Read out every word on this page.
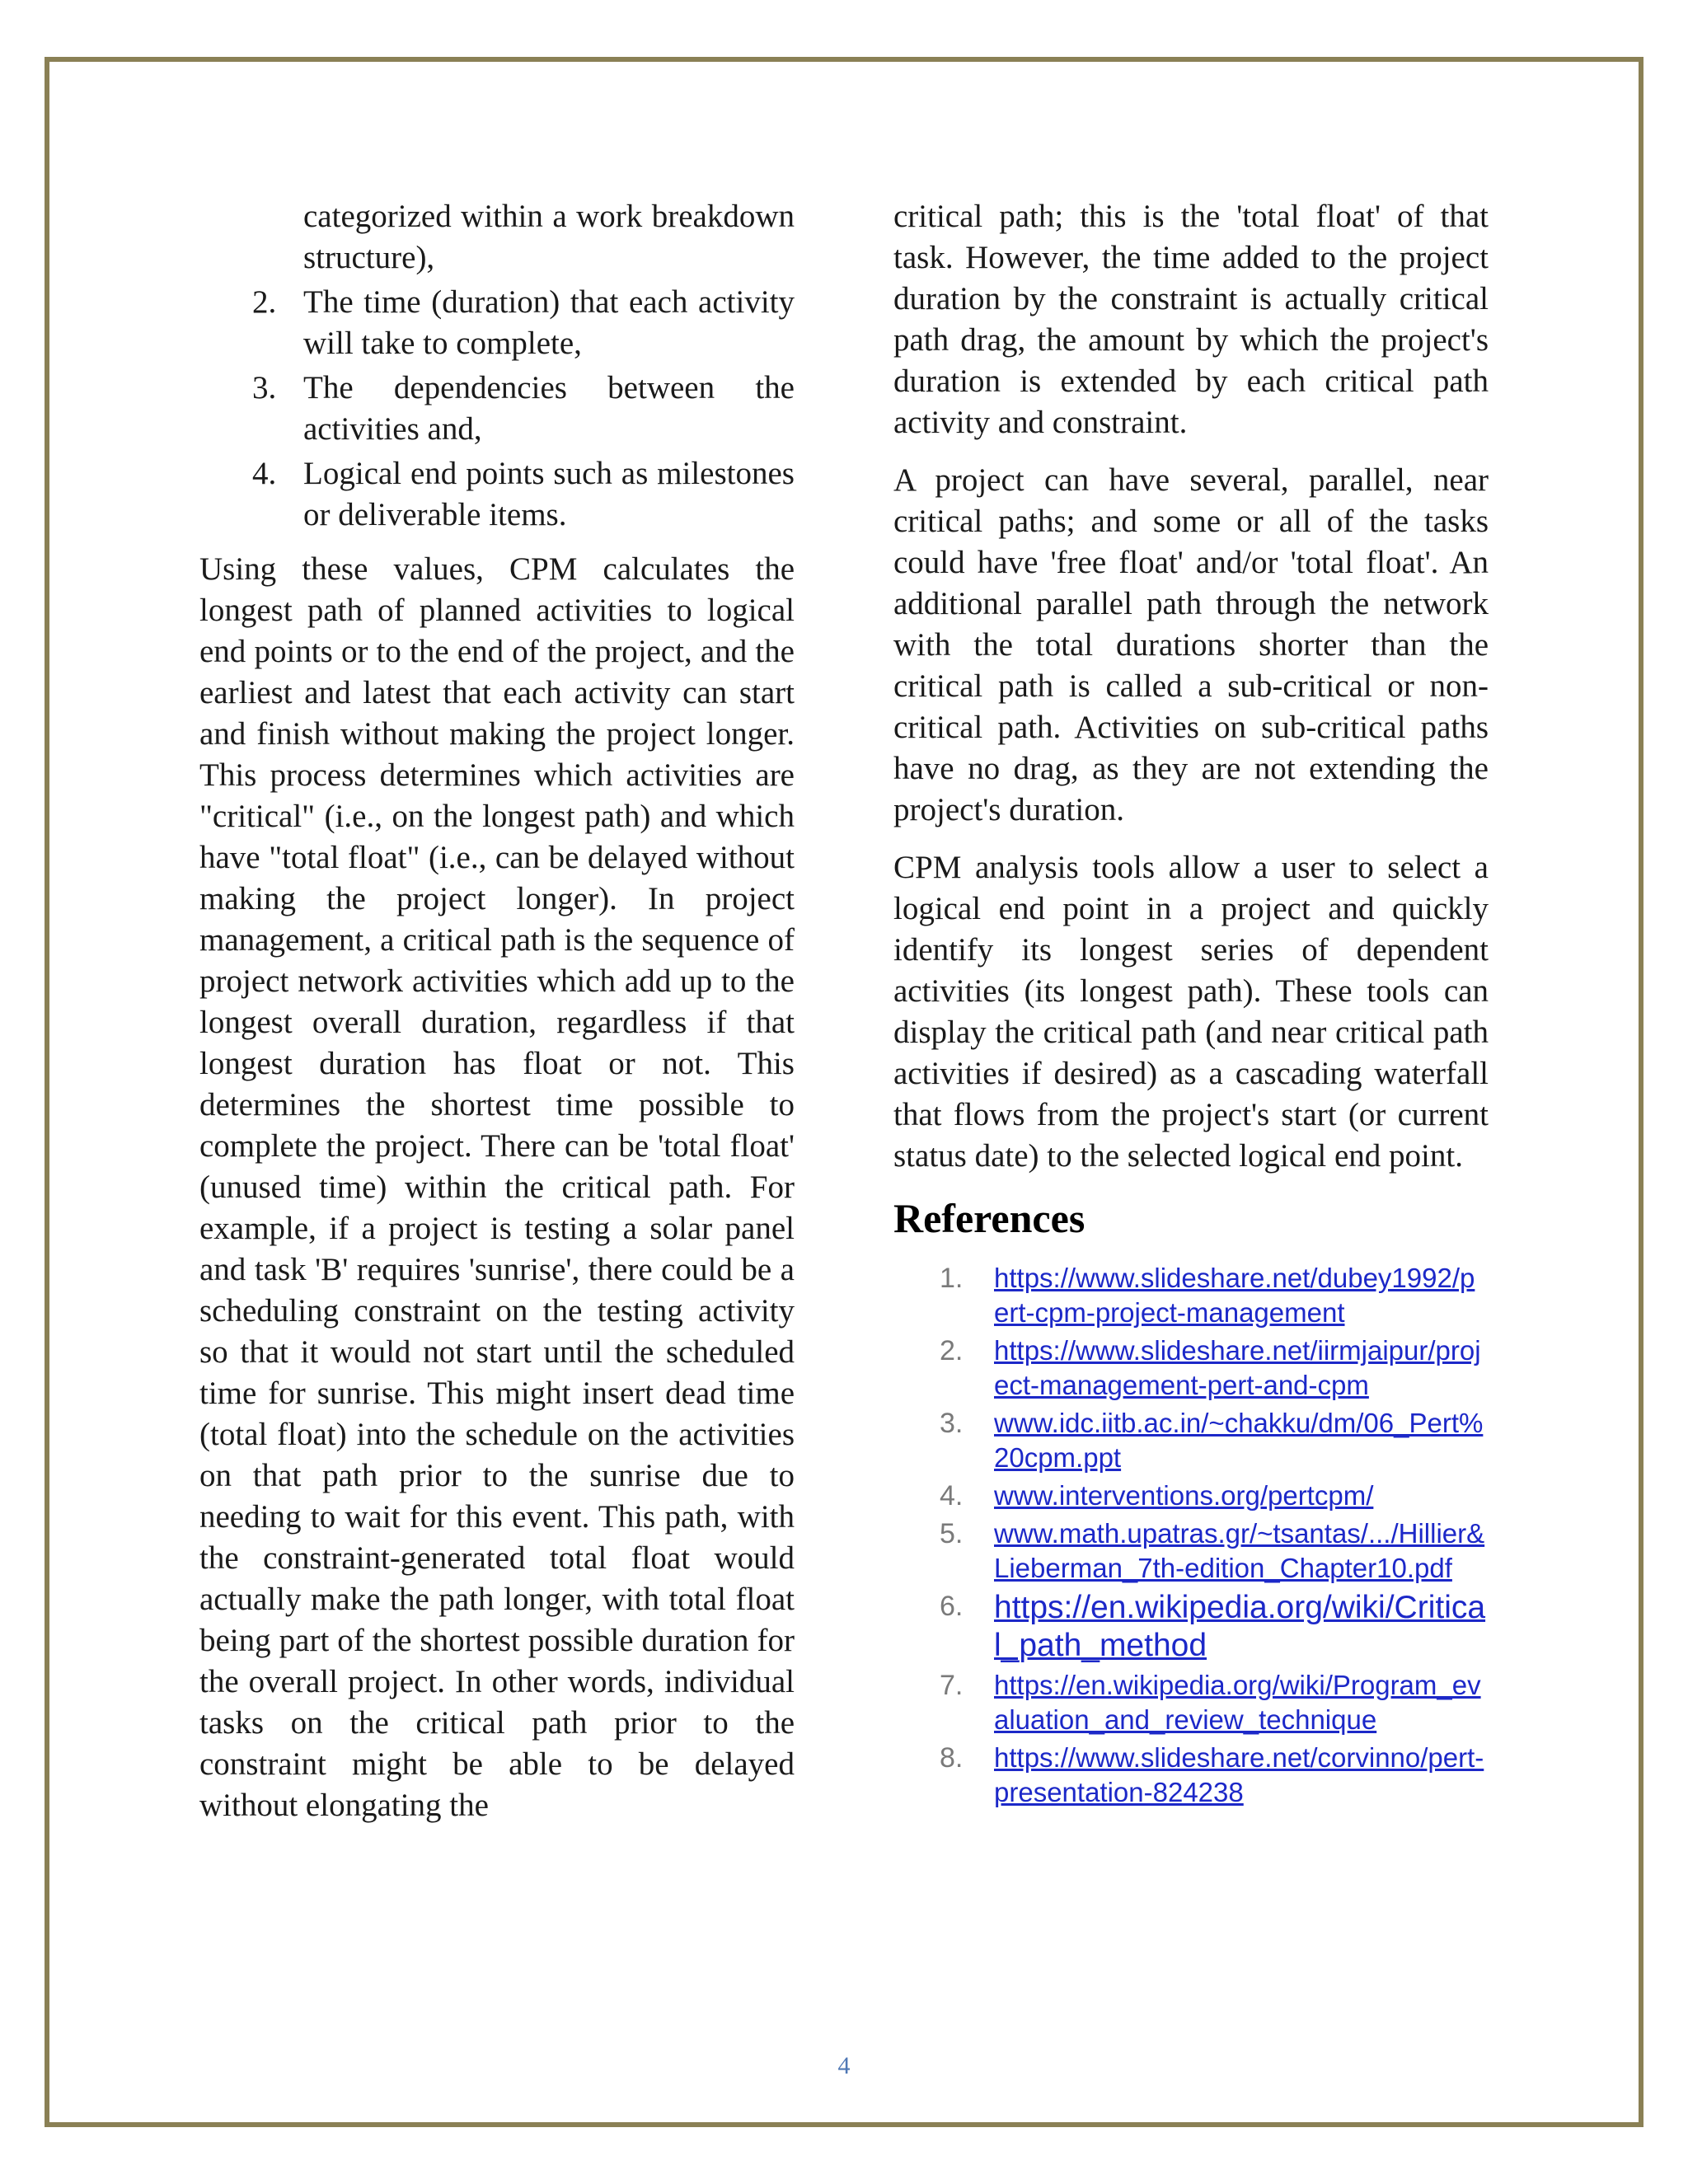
categorized within a work breakdown structure),
2. The time (duration) that each activity will take to complete,
3. The dependencies between the activities and,
4. Logical end points such as milestones or deliverable items.

Using these values, CPM calculates the longest path of planned activities to logical end points or to the end of the project, and the earliest and latest that each activity can start and finish without making the project longer. This process determines which activities are "critical" (i.e., on the longest path) and which have "total float" (i.e., can be delayed without making the project longer). In project management, a critical path is the sequence of project network activities which add up to the longest overall duration, regardless if that longest duration has float or not. This determines the shortest time possible to complete the project. There can be 'total float' (unused time) within the critical path. For example, if a project is testing a solar panel and task 'B' requires 'sunrise', there could be a scheduling constraint on the testing activity so that it would not start until the scheduled time for sunrise. This might insert dead time (total float) into the schedule on the activities on that path prior to the sunrise due to needing to wait for this event. This path, with the constraint-generated total float would actually make the path longer, with total float being part of the shortest possible duration for the overall project. In other words, individual tasks on the critical path prior to the constraint might be able to be delayed without elongating the

critical path; this is the 'total float' of that task. However, the time added to the project duration by the constraint is actually critical path drag, the amount by which the project's duration is extended by each critical path activity and constraint.

A project can have several, parallel, near critical paths; and some or all of the tasks could have 'free float' and/or 'total float'. An additional parallel path through the network with the total durations shorter than the critical path is called a sub-critical or non-critical path. Activities on sub-critical paths have no drag, as they are not extending the project's duration.

CPM analysis tools allow a user to select a logical end point in a project and quickly identify its longest series of dependent activities (its longest path). These tools can display the critical path (and near critical path activities if desired) as a cascading waterfall that flows from the project's start (or current status date) to the selected logical end point.

References
1. https://www.slideshare.net/dubey1992/pert-cpm-project-management
2. https://www.slideshare.net/iirmjaipur/project-management-pert-and-cpm
3. www.idc.iitb.ac.in/~chakku/dm/06_Pert%20cpm.ppt
4. www.interventions.org/pertcpm/
5. www.math.upatras.gr/~tsantas/.../Hillier&Lieberman_7th-edition_Chapter10.pdf
6. https://en.wikipedia.org/wiki/Critical_path_method
7. https://en.wikipedia.org/wiki/Program_evaluation_and_review_technique
8. https://www.slideshare.net/corvinno/pert-presentation-824238
4
